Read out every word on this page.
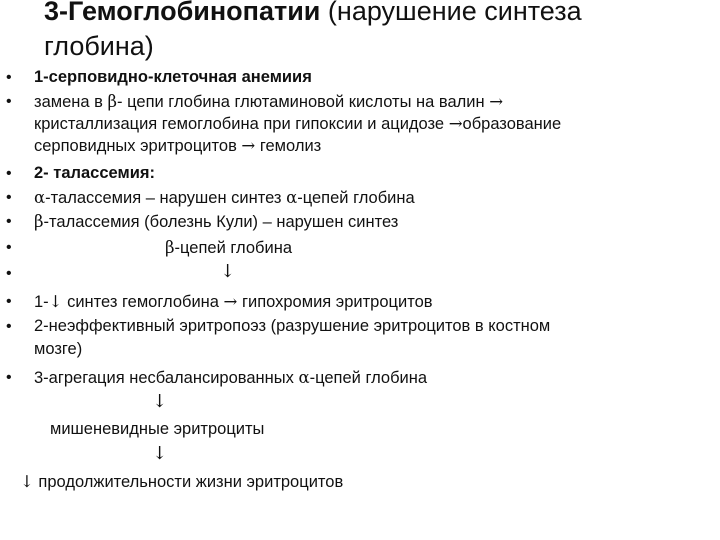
3-Гемоглобинопатии (нарушение синтеза
глобина)
•
•
•
•
•
•
•
•
•
•
1-серповидно-клеточная анемиия
замена в β- цепи глобина глютаминовой кислоты на валин →
кристаллизация гемоглобина при гипоксии и ацидозе →образование
серповидных эритроцитов → гемолиз
2- талассемия:
α-талассемия – нарушен синтез α-цепей глобина
β-талассемия (болезнь Кули) – нарушен синтез
β-цепей глобина
↓
1-↓ синтез гемоглобина → гипохромия эритроцитов
2-неэффективный эритропоэз (разрушение эритроцитов в костном
мозге)
3-агрегация несбалансированных α-цепей глобина
↓
мишеневидные эритроциты
↓
↓ продолжительности жизни эритроцитов
